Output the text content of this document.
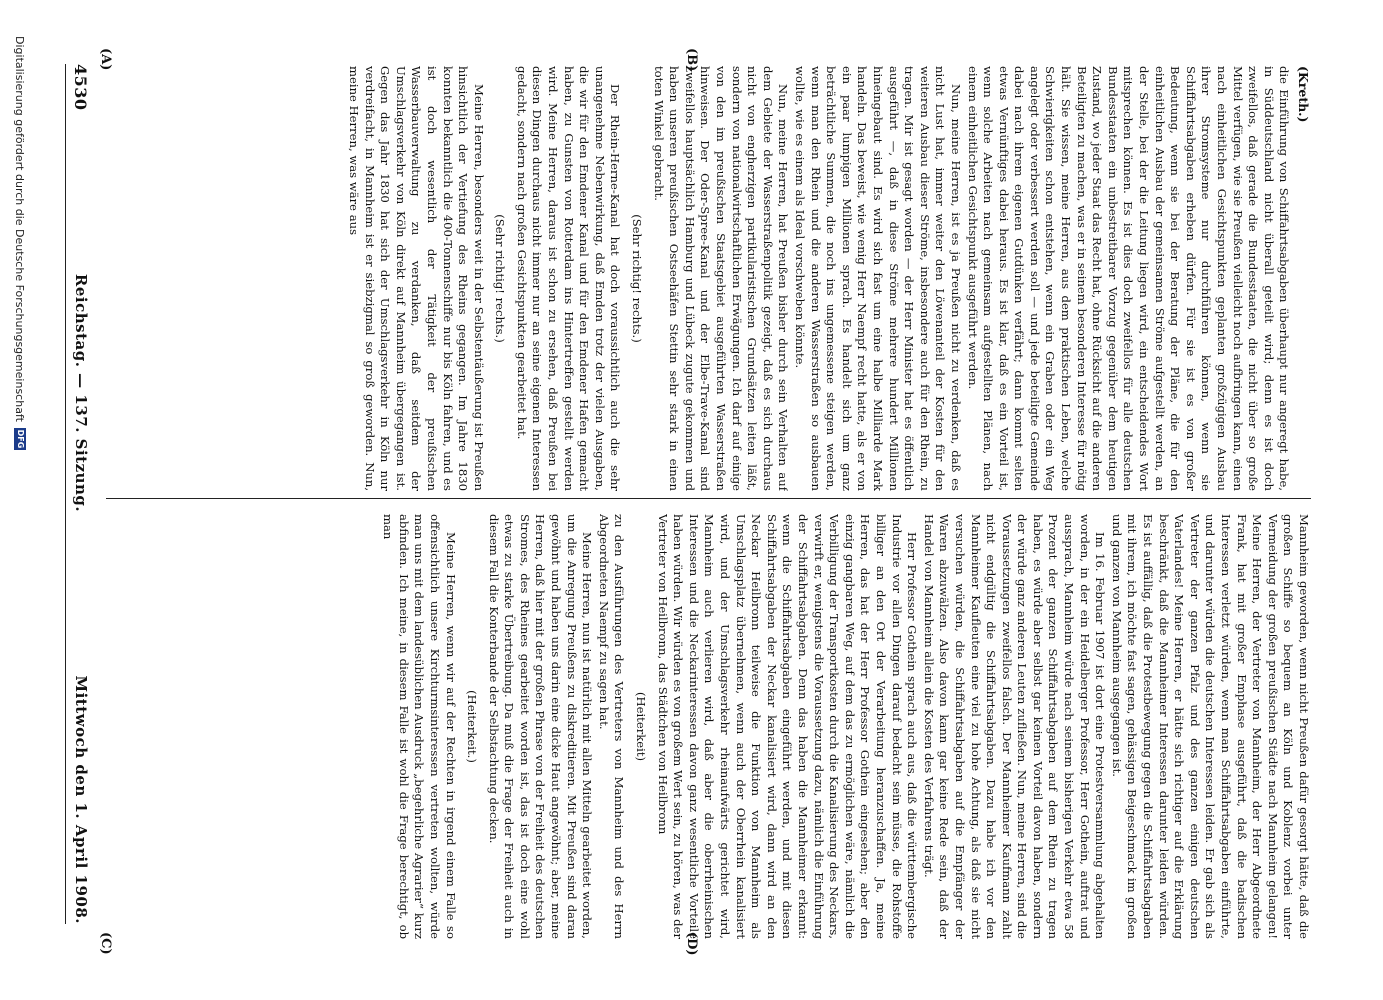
4530
Reichstag. — 137. Sitzung.
Mittwoch den 1. April 1908.
(A)	(B)
(C)	(D)
(Kreth.)

die Einführung von Schiffahrtsabgaben überhaupt nur angeregt habe, in Süddeutschland nicht überall geteilt wird; denn es ist doch zweifellos, daß gerade die Bundesstaaten, die nicht über so große Mittel verfügen, wie sie Preußen vielleicht noch aufbringen kann, einen nach einheitlichen Gesichtspunkten geplanten großzügigen Ausbau ihrer Stromsysteme nur durchführen können, wenn sie Schiffahrtsabgaben erheben dürfen. Für sie ist es von großer Bedeutung, wenn sie bei der Beratung der Pläne, die für den einheitlichen Ausbau der gemeinsamen Ströme aufgestellt werden, an der Stelle, bei der die Leitung liegen wird, ein entscheidendes Wort mitsprechen können. Es ist dies doch zweifellos für alle deutschen Bundesstaaten ein unbestreitbarer Vorzug gegenüber dem heutigen Zustand, wo jeder Staat das Recht hat, ohne Rücksicht auf die anderen Beteiligten zu machen, was er in seinem besonderen Interesse für nötig hält. Sie wissen, meine Herren, aus dem praktischen Leben, welche Schwierigkeiten schon entstehen, wenn ein Graben oder ein Weg angelegt oder verbessert werden soll — und jede beteiligte Gemeinde dabei nach ihrem eigenen Gutdünken verfährt; dann kommt selten etwas Vernünftiges dabei heraus. Es ist klar, daß es ein Vorteil ist, wenn solche Arbeiten nach gemeinsam aufgestellten Plänen, nach einem einheitlichen Gesichtspunkt ausgeführt werden.

Nun, meine Herren, ist es ja Preußen nicht zu verdenken, daß es nicht Lust hat, immer weiter den Löwenanteil der Kosten für den weiteren Ausbau dieser Ströme, insbesondere auch für den Rhein, zu tragen. Mir ist gesagt worden — der Herr Minister hat es öffentlich ausgeführt —, daß in diese Ströme mehrere hundert Millionen hineingebaut sind. Es wird sich fast um eine halbe Milliarde Mark handeln. Das beweist, wie wenig Herr Naempf recht hatte, als er von ein paar lumpigen Millionen sprach. Es handelt sich um ganz beträchtliche Summen, die noch ins ungemessene steigen werden, wenn man den Rhein und die anderen Wasserstraßen so ausbauen wollte, wie es einem als Ideal vorschweben könnte.

Nun, meine Herren, hat Preußen bisher durch sein Verhalten auf dem Gebiete der Wasserstraßenpolitik gezeigt, daß es sich durchaus nicht von engherzigen partikularistischen Grundsätzen leiten läßt, sondern von nationalwirtschaftlichen Erwägungen. Ich darf auf einige von den im preußischen Staatsgebiet ausgeführten Wasserstraßen hinweisen. Der Oder-Spree-Kanal und der Elbe-Trave-Kanal sind zweifellos hauptsächlich Hamburg und Lübeck zugute gekommen und haben unseren preußischen Ostseehäfen Stettin sehr stark in einen toten Winkel gebracht.

(Sehr richtig! rechts.)

Der Rhein-Herne-Kanal hat doch voraussichtlich auch die sehr unangenehme Nebenwirkung, daß Emden trotz der vielen Ausgaben, die wir für den Emdener Kanal und für den Emdener Hafen gemacht haben, zu Gunsten von Rotterdam ins Hintertreffen gestellt werden wird. Meine Herren, daraus ist schon zu ersehen, daß Preußen bei diesen Dingen durchaus nicht immer nur an seine eigenen Interessen gedacht, sondern nach großen Gesichtspunkten gearbeitet hat.

(Sehr richtig! rechts.)

Meine Herren, besonders weit in der Selbstentäußerung ist Preußen hinsichtlich der Vertiefung des Rheins gegangen. Im Jahre 1830 konnten bekanntlich die 400-Tonnenschiffe nur bis Köln fahren, und es ist doch wesentlich der Tätigkeit der preußischen Wasserbauverwaltung zu verdanken, daß seitdem der Umschlagsverkehr von Köln direkt auf Mannheim übergegangen ist. Gegen das Jahr 1830 hat sich der Umschlagsverkehr in Köln nur verdreifacht, in Mannheim ist er siebzigmal so groß geworden. Nun, meine Herren, was wäre aus

Mannheim geworden, wenn nicht Preußen dafür gesorgt hätte, daß die großen Schiffe so bequem an Köln und Koblenz vorbei unter Vermeidung der großen preußischen Städte nach Mannheim gelangen! Meine Herren, der Vertreter von Mannheim, der Herr Abgeordnete Frank, hat mit großer Emphase ausgeführt, daß die badischen Interessen verletzt würden, wenn man Schiffahrtsabgaben einführte, und darunter würden die deutschen Interessen leiden. Er gab sich als Vertreter der ganzen Pfalz und des ganzen einigen deutschen Vaterlandes! Meine Herren, er hätte sich richtiger auf die Erklärung beschränkt, daß die Mannheimer Interessen darunter leiden würden. Es ist auffällig, daß die Protestbewegung gegen die Schiffahrtsabgaben mit ihrem, ich möchte fast sagen, gehässigen Beigeschmack im großen und ganzen von Mannheim ausgegangen ist.

Im 16. Februar 1907 ist dort eine Protestversammlung abgehalten worden, in der ein Heidelberger Professor, Herr Gothein, auftrat und aussprach, Mannheim würde nach seinem bisherigen Verkehr etwa 58 Prozent der ganzen Schiffahrtsabgaben auf dem Rhein zu tragen haben, es würde aber selbst gar keinen Vorteil davon haben, sondern der würde ganz anderen Leuten zufließen. Nun, meine Herren, sind die Voraussetzungen zweifellos falsch. Der Mannheimer Kaufmann zahlt nicht endgültig die Schiffahrtsabgaben. Dazu habe ich vor den Mannheimer Kaufleuten eine viel zu hohe Achtung, als daß sie nicht versuchen würden, die Schiffahrtsabgaben auf die Empfänger der Waren abzuwälzen. Also davon kann gar keine Rede sein, daß der Handel von Mannheim allein die Kosten des Verfahrens trägt.

Herr Professor Gothein sprach auch aus, daß die württembergische Industrie vor allen Dingen darauf bedacht sein müsse, die Rohstoffe billiger an den Ort der Verarbeitung heranzuschaffen. Ja, meine Herren, das hat der Herr Professor Gothein eingesehen; aber den einzig gangbaren Weg, auf dem das zu ermöglichen wäre, nämlich die Verbilligung der Transportkosten durch die Kanalisierung des Neckars, verwirft er, wenigstens die Voraussetzung dazu, nämlich die Einführung der Schiffahrtsabgaben. Denn das haben die Mannheimer erkannt: wenn die Schiffahrtsabgaben eingeführt werden, und mit diesen Schiffahrtsabgaben der Neckar kanalisiert wird, dann wird an den Neckar Heilbronn teilweise die Funktion von Mannheim als Umschlagsplatz übernehmen, wenn auch der Oberrhein kanalisiert wird, und der Umschlagsverkehr rheinaufwärts gerichtet wird, Mannheim auch verlieren wird, daß aber die oberrheinischen Interessen und die Neckarinteressen davon ganz wesentliche Vorteile haben würden. Wir würden es von großem Wert sein, zu hören, was der Vertreter von Heilbronn, das Städtchen von Heilbronn

(Heiterkeit)

zu den Ausführungen des Vertreters von Mannheim und des Herrn Abgeordneten Naempf zu sagen hat.

Meine Herren, nun ist natürlich mit allen Mitteln gearbeitet worden, um die Anregung Preußens zu diskreditieren. Mit Preußen sind daran gewöhnt und haben uns darin eine dicke Haut angewöhnt; aber, meine Herren, daß hier mit der großen Phrase von der Freiheit des deutschen Stromes, des Rheines gearbeitet worden ist, das ist doch eine wohl etwas zu starke Übertreibung. Da muß die Frage der Freiheit auch in diesem Fall die Konterbande der Selbstachtung decken.

(Heiterkeit.)

Meine Herren, wenn wir auf der Rechten in irgend einem Falle so offensichtlich unsere Kirchturmsinteressen vertreten wollten, würde man uns mit dem landesüblichen Ausdruck „begehrliche Agrarier“ kurz abfinden. Ich meine, in diesem Falle ist wohl die Frage berechtigt, ob man

Digitalisierung gefördert durch die Deutsche Forschungsgemeinschaft
DFG
